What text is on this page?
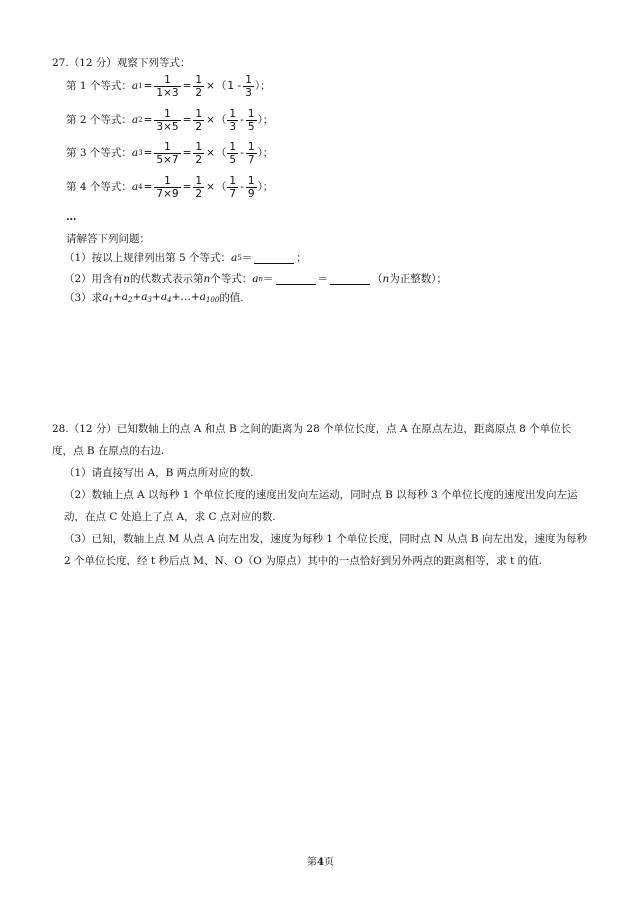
27.（12 分）观察下列等式：
第 1 个等式： a $1 = \frac{1}{1\times 3} = \frac{1}{2}$ × （ $1 - \frac{1}{3}$ ）；
第 2 个等式： a $2 = \frac{1}{3\times 5} = \frac{1}{2}$ × （ $\frac{1}{3} - \frac{1}{5}$ ）；
第 3 个等式： a $3 = \frac{1}{5\times 7} = \frac{1}{2}$ × （ $\frac{1}{5} - \frac{1}{7}$ ）；
第 4 个等式： a $4 = \frac{1}{7\times 9} = \frac{1}{2}$ × （ $\frac{1}{7} - \frac{1}{9}$ ）；
…
请解答下列问题：
（1）按以上规律列出第 5 个等式： a 5 ＝	；
（2）用含有 n 的代数式表示第 n 个等式： a n ＝	＝	（ n 为正整数）；
（3）求 $a_1+a_2+a_3+a_4+\dots+a_{100}$ 的值.
28.（12 分）已知数轴上的点 A 和点 B 之间的距离为 28 个单位长度，点 A 在原点左边，距离原点 8 个单位长度，点 B 在原点的右边.
（1）请直接写出 A，B 两点所对应的数.
（2）数轴上点 A 以每秒 1 个单位长度的速度出发向左运动，同时点 B 以每秒 3 个单位长度的速度出发向左运动，在点 C 处追上了点 A，求 C 点对应的数.
（3）已知，数轴上点 M 从点 A 向左出发，速度为每秒 1 个单位长度，同时点 N 从点 B 向左出发，速度为每秒 2 个单位长度，经 t 秒后点 M、N、O（O 为原点）其中的一点恰好到另外两点的距离相等，求 t 的值.
第4页
